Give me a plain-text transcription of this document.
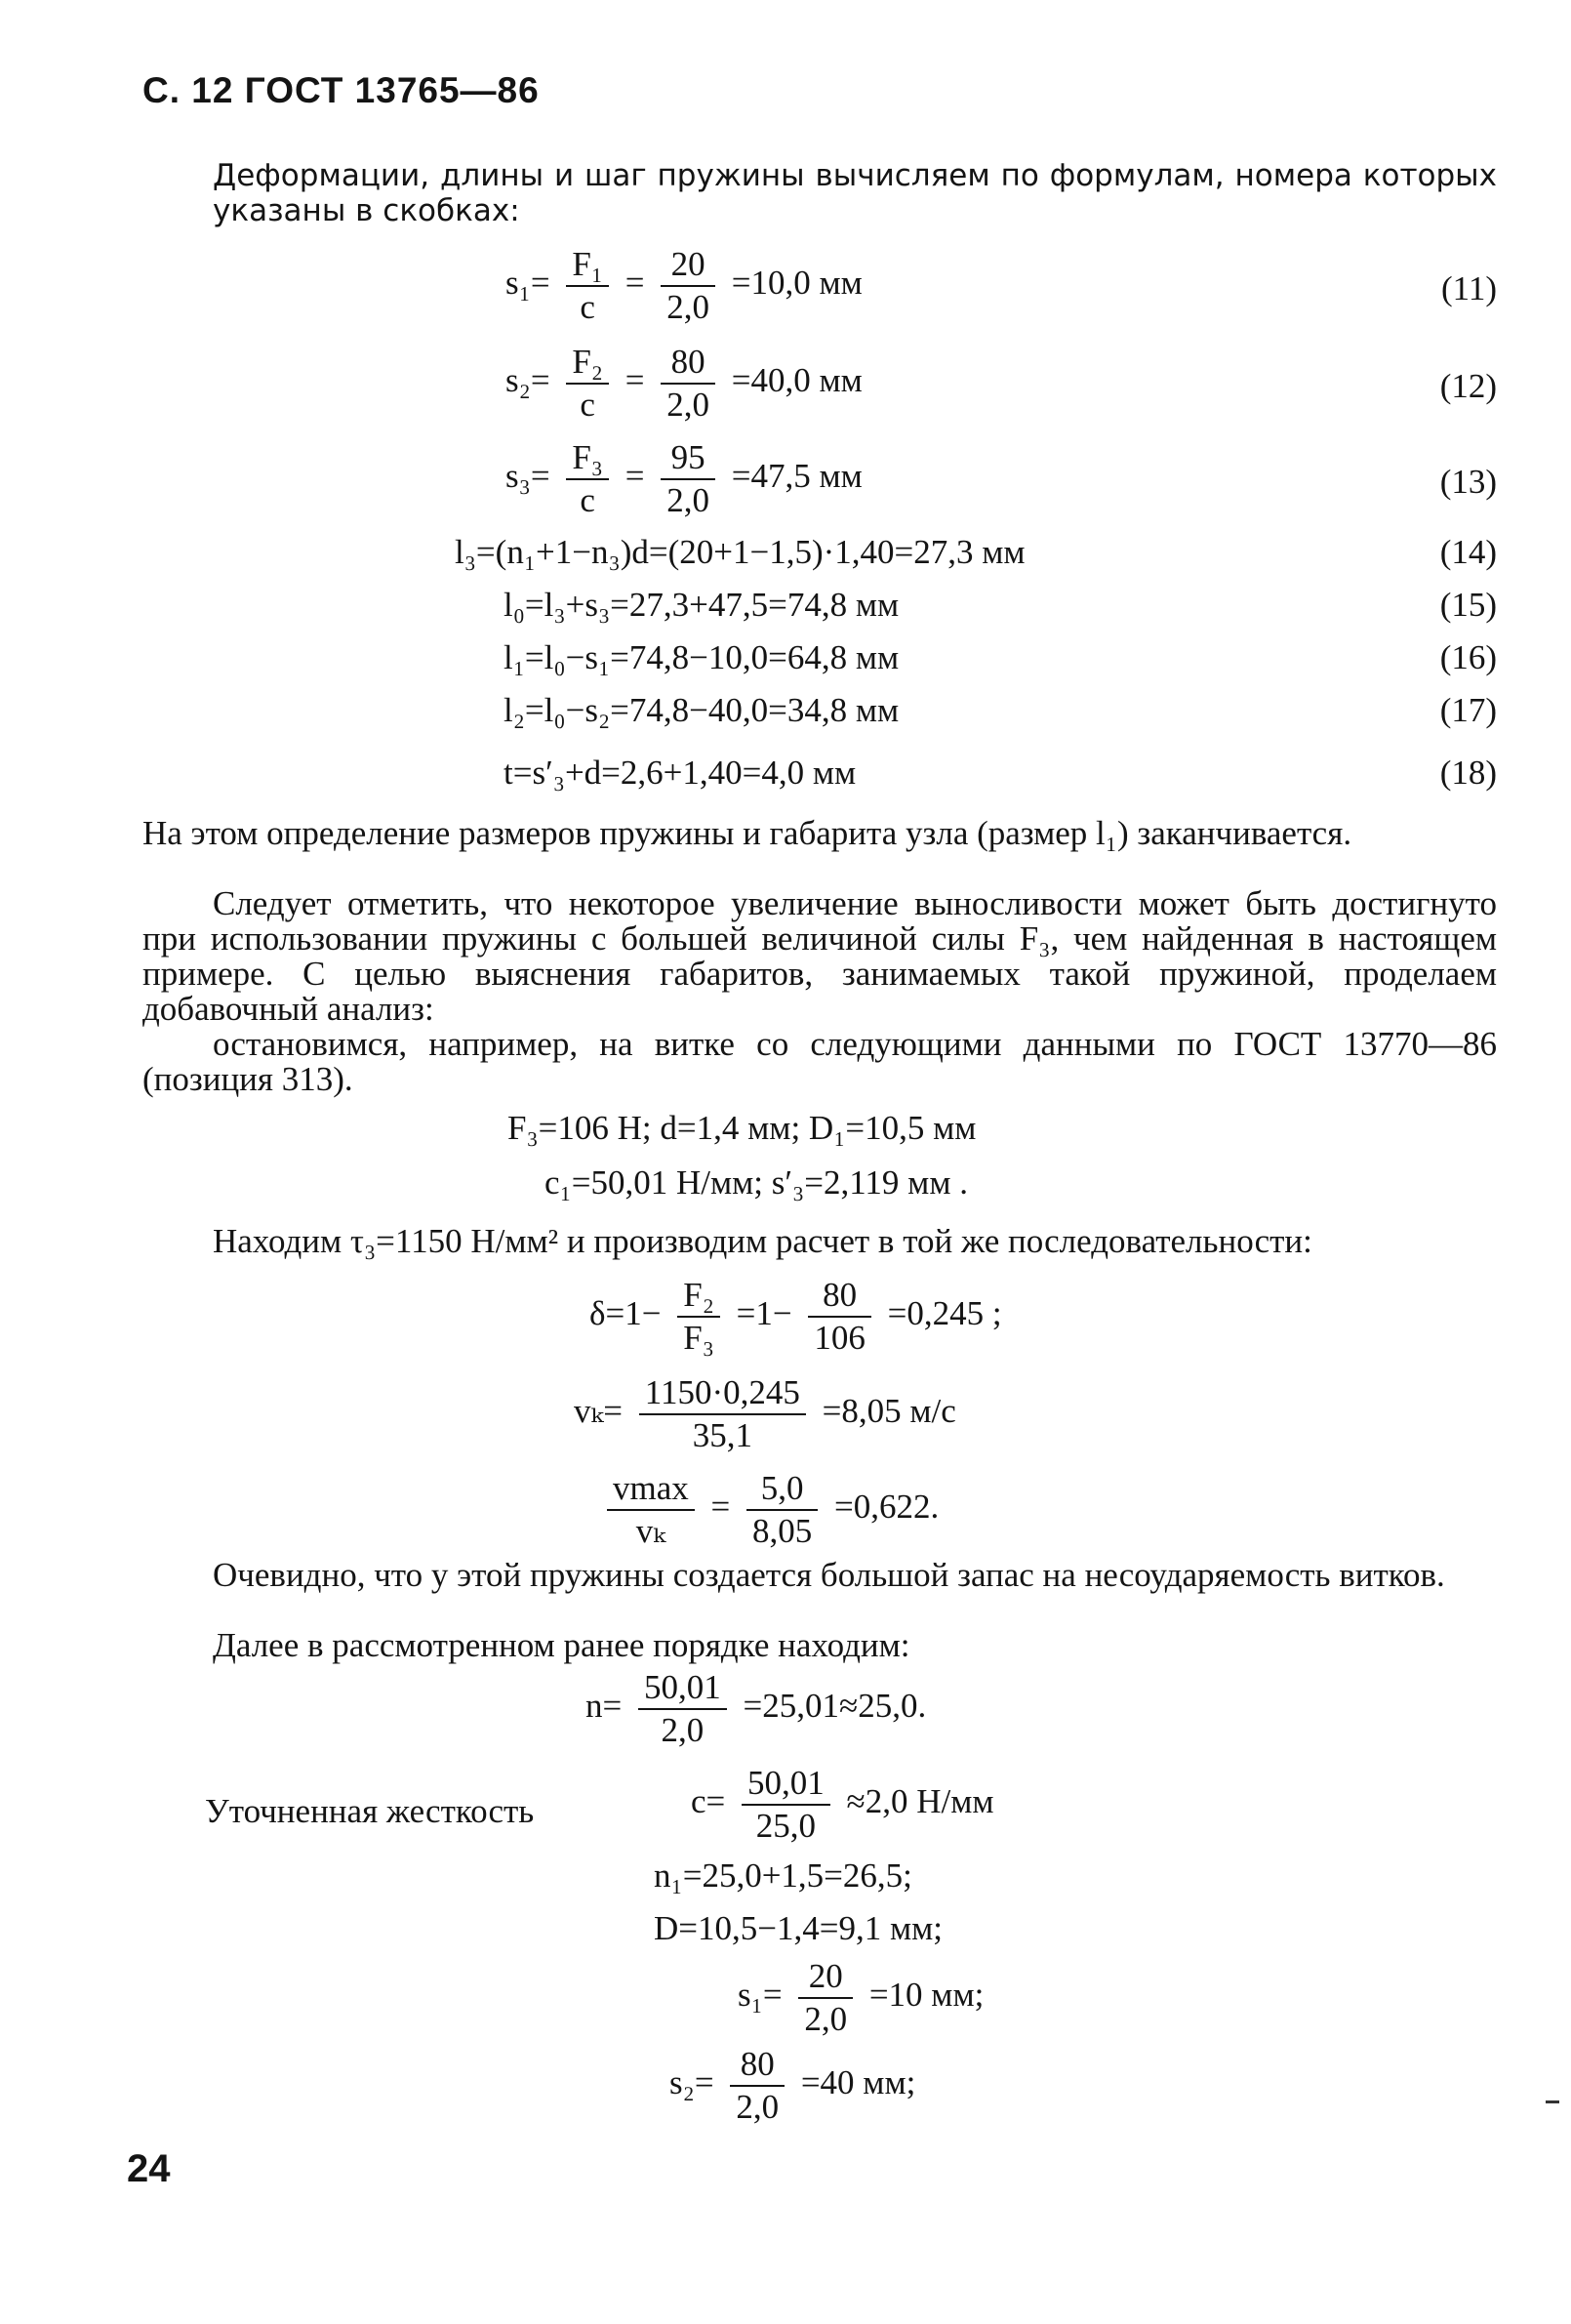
С. 12 ГОСТ 13765—86
Деформации, длины и шаг пружины вычисляем по формулам, номера которых указаны в скобках:
$s_1= \frac{\text{F₁}}{c} = \frac{20}{2,0} =10,0$ мм	(11)
$s_2= \frac{\text{F₂}}{c} = \frac{80}{2,0} =40,0$ мм	(12)
$s_3= \frac{\text{F₃}}{c} = \frac{95}{2,0} =47,5$ мм	(13)
l₃=(n₁+1−n₃)d=(20+1−1,5)·1,40=27,3 мм	(14)
l₀=l₃+s₃=27,3+47,5=74,8 мм	(15)
l₁=l₀−s₁=74,8−10,0=64,8 мм	(16)
l₂=l₀−s₂=74,8−40,0=34,8 мм	(17)
t=s′₃+d=2,6+1,40=4,0 мм	(18)
На этом определение размеров пружины и габарита узла (размер l₁) заканчивается.
Следует отметить, что некоторое увеличение выносливости может быть достигнуто при использовании пружины с большей величиной силы F₃, чем найденная в настоящем примере. С целью выяснения габаритов, занимаемых такой пружиной, проделаем добавочный анализ:
остановимся, например, на витке со следующими данными по ГОСТ 13770—86 (позиция 313).
F₃=106 Н; d=1,4 мм; D₁=10,5 мм
c₁=50,01 Н/мм; s′₃=2,119 мм .
Находим τ₃=1150 Н/мм² и производим расчет в той же последовательности:
$\delta=1- \frac{\text{F₂}}{\text{F₃}} =1- \frac{80}{106} =0,245$ ;
$v_k= \frac{1150\cdot 0,245}{35,1} =8,05$ м/с
$\frac{vmax}{\text{vₖ}} = \frac{5,0}{8,05} =0,622$.
Очевидно, что у этой пружины создается большой запас на несоударяемость витков.
Далее в рассмотренном ранее порядке находим:
$n= \frac{50,01}{2,0} =25,01\approx 25,0$.
Уточненная жесткость	$c= \frac{50,01}{25,0} \approx 2,0$ Н/мм
n₁=25,0+1,5=26,5;
D=10,5−1,4=9,1 мм;
$s_1= \frac{20}{2,0} =10$ мм;
$s_2= \frac{80}{2,0} =40$ мм;
24
